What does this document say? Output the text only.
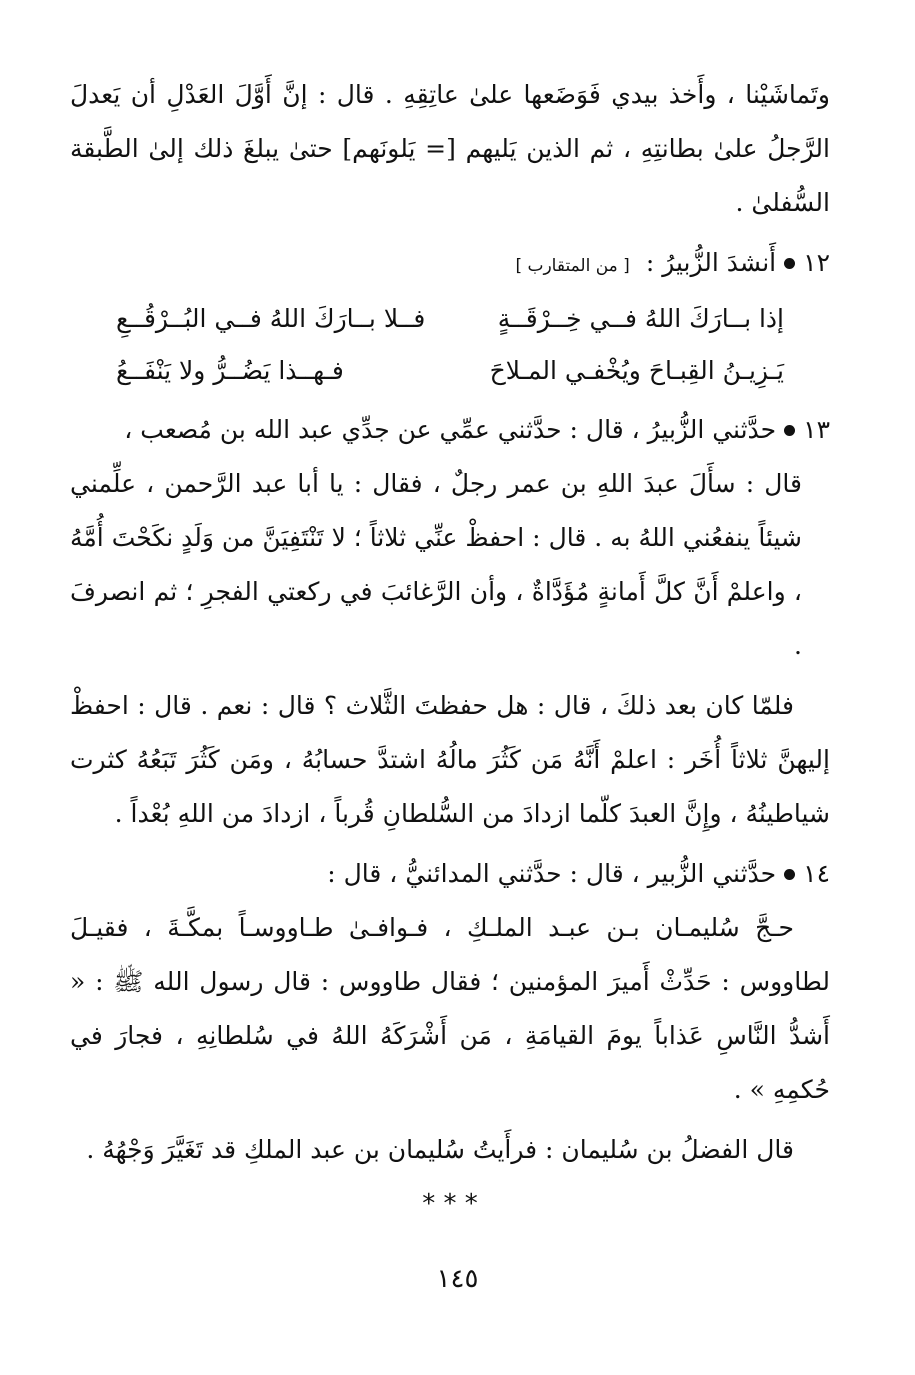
وتَماشَيْنا ، وأَخذ بيدي فَوَضَعها علىٰ عاتِقِهِ . قال : إنَّ أَوَّلَ العَدْلِ أن يَعدلَ الرَّجلُ علىٰ بطانتِهِ ، ثم الذين يَليهم [= يَلونَهم] حتىٰ يبلغَ ذلك إلىٰ الطَّبقة السُّفلىٰ .

١٢
أَنشدَ الزُّبيرُ :
[ من المتقارب ]
إذا بــارَكَ اللهُ فــي خِــرْقَــةٍ
فــلا بــارَكَ اللهُ فــي البُــرْقُــعِ
يَـزِيـنُ القِبـاحَ ويُخْفـي المـلاحَ
فـهــذا يَضُــرُّ ولا يَنْفَــعُ
١٣
حدَّثني الزُّبيرُ ، قال : حدَّثني عمِّي عن جدِّي عبد الله بن مُصعب ،

قال : سأَلَ عبدَ اللهِ بن عمر رجلٌ ، فقال : يا أبا عبد الرَّحمن ، علِّمني شيئاً ينفعُني اللهُ به . قال : احفظْ عنِّي ثلاثاً ؛ لا تَنْتَفِيَنَّ من وَلَدٍ نكَحْتَ أُمَّهُ ، واعلمْ أَنَّ كلَّ أَمانةٍ مُؤَدَّاةٌ ، وأن الرَّغائبَ في ركعتي الفجرِ ؛ ثم انصرفَ .

فلمّا كان بعد ذلكَ ، قال : هل حفظتَ الثَّلاث ؟ قال : نعم . قال : احفظْ إليهنَّ ثلاثاً أُخَر : اعلمْ أَنَّهُ مَن كَثُرَ مالُهُ اشتدَّ حسابُهُ ، ومَن كَثُرَ تَبَعُهُ كثرت شياطينُهُ ، وإِنَّ العبدَ كلّما ازدادَ من السُّلطانِ قُرباً ، ازدادَ من اللهِ بُعْداً .

١٤
حدَّثني الزُّبير ، قال : حدَّثني المدائنيُّ ، قال :

حـجَّ سُليمـان بـن عبـد الملـكِ ، فـوافـىٰ طـاووسـاً بمكَّـةَ ، فقيـلَ لطاووس : حَدِّثْ أَميرَ المؤمنين ؛ فقال طاووس : قال رسول الله ﷺ : « أَشدُّ النَّاسِ عَذاباً يومَ القيامَةِ ، مَن أَشْرَكَهُ اللهُ في سُلطانِهِ ، فجارَ في حُكمِهِ » .

قال الفضلُ بن سُليمان : فرأَيتُ سُليمان بن عبد الملكِ قد تَغَيَّرَ وَجْهُهُ .

* * *
١٤٥
